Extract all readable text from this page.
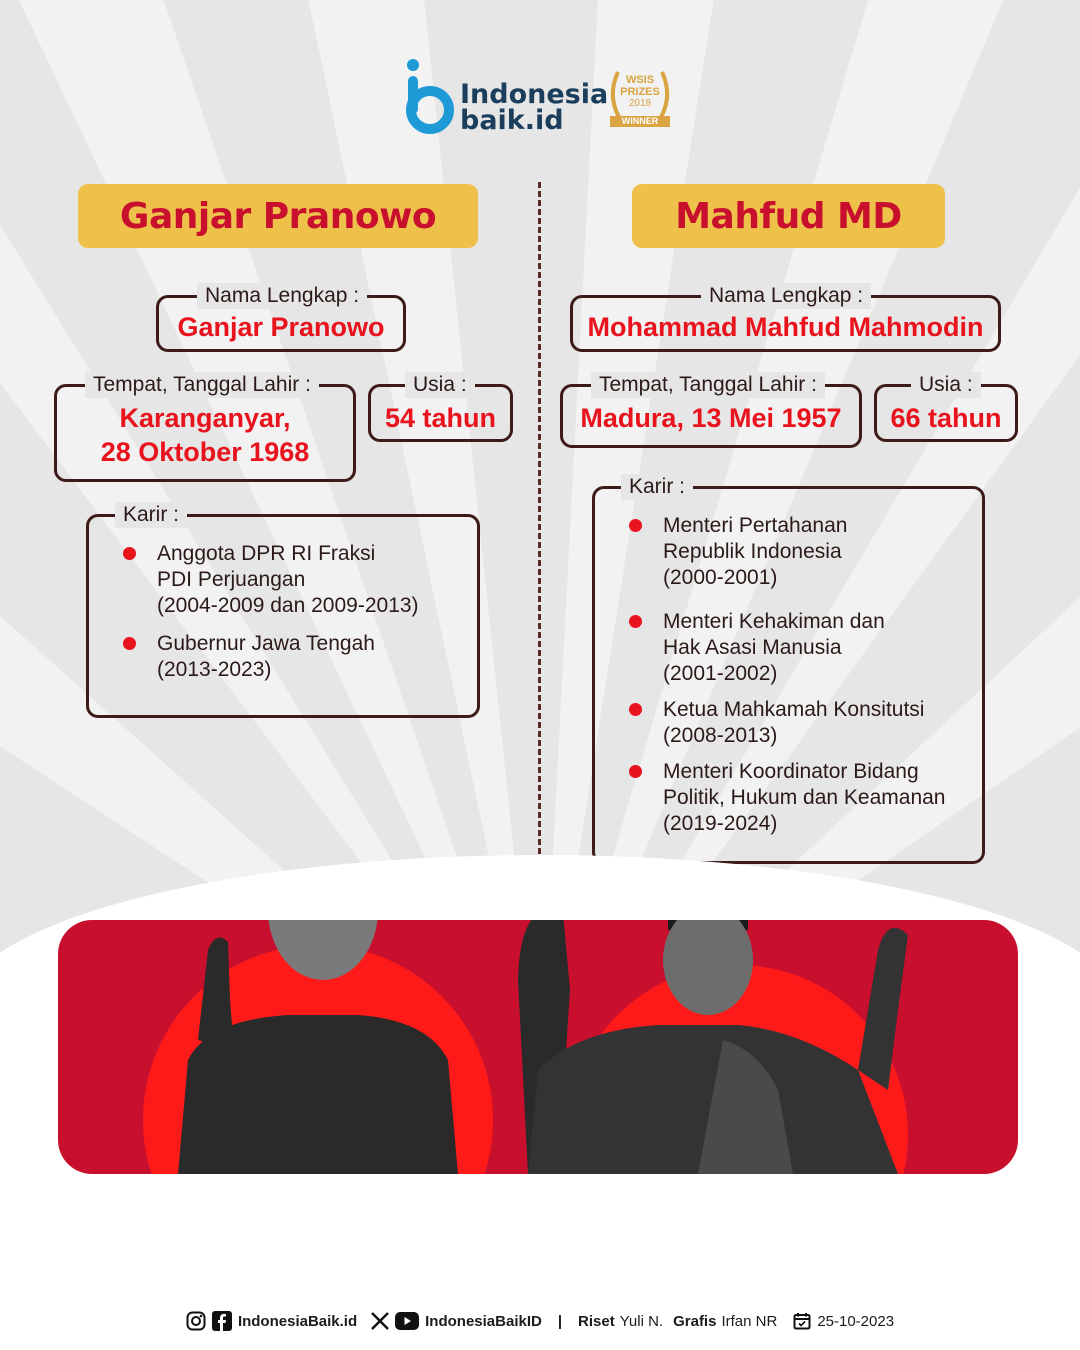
Indonesia
baik.id
WSIS
PRIZES
2018
WINNER
Ganjar Pranowo
Nama Lengkap :
Ganjar Pranowo
Tempat, Tanggal Lahir :
Karanganyar,
28 Oktober 1968
Usia :
54 tahun
Karir :
Anggota DPR RI Fraksi
PDI Perjuangan
(2004-2009 dan 2009-2013)
Gubernur Jawa Tengah
(2013-2023)
Mahfud MD
Nama Lengkap :
Mohammad Mahfud Mahmodin
Tempat, Tanggal Lahir :
Madura, 13 Mei 1957
Usia :
66 tahun
Karir :
Menteri Pertahanan
Republik Indonesia
(2000-2001)
Menteri Kehakiman dan
Hak Asasi Manusia
(2001-2002)
Ketua Mahkamah Konsitutsi
(2008-2013)
Menteri Koordinator Bidang
Politik, Hukum dan Keamanan
(2019-2024)
IndonesiaBaik.id	IndonesiaBaikID | Riset Yuli N. Grafis Irfan NR	25-10-2023
